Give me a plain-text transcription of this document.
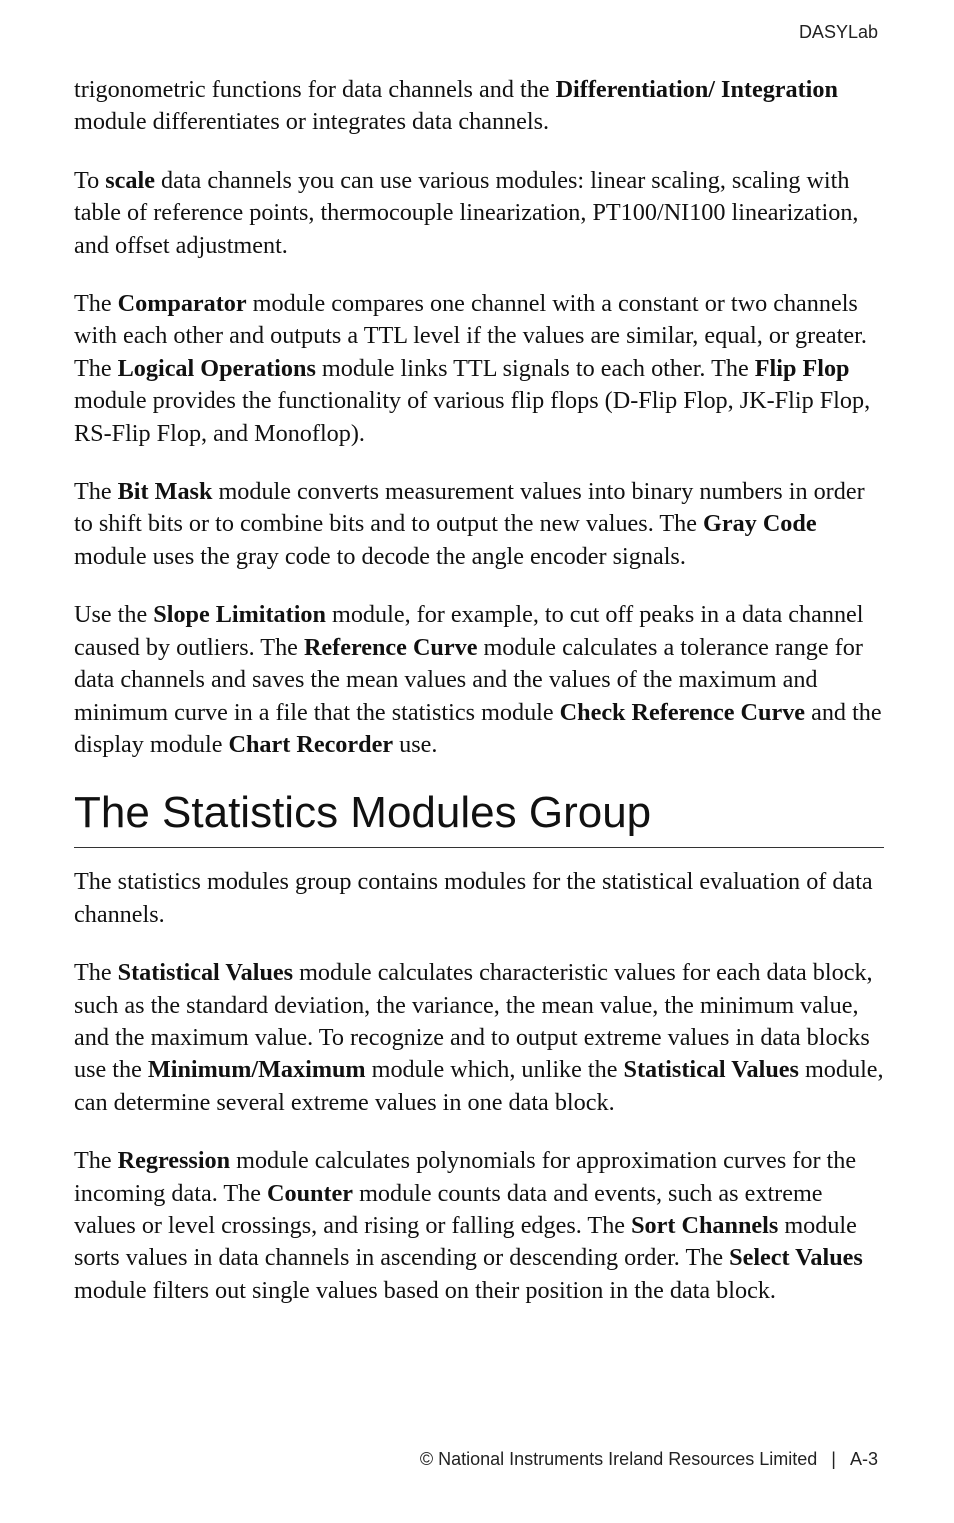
DASYLab

trigonometric functions for data channels and the Differentiation/ Integration module differentiates or integrates data channels.

To scale data channels you can use various modules: linear scaling, scaling with table of reference points, thermocouple linearization, PT100/NI100 linearization, and offset adjustment.

The Comparator module compares one channel with a constant or two channels with each other and outputs a TTL level if the values are similar, equal, or greater. The Logical Operations module links TTL signals to each other. The Flip Flop module provides the functionality of various flip flops (D-Flip Flop, JK-Flip Flop, RS-Flip Flop, and Monoflop).

The Bit Mask module converts measurement values into binary numbers in order to shift bits or to combine bits and to output the new values. The Gray Code module uses the gray code to decode the angle encoder signals.

Use the Slope Limitation module, for example, to cut off peaks in a data channel caused by outliers. The Reference Curve module calculates a tolerance range for data channels and saves the mean values and the values of the maximum and minimum curve in a file that the statistics module Check Reference Curve and the display module Chart Recorder use.

The Statistics Modules Group

The statistics modules group contains modules for the statistical evaluation of data channels.

The Statistical Values module calculates characteristic values for each data block, such as the standard deviation, the variance, the mean value, the minimum value, and the maximum value. To recognize and to output extreme values in data blocks use the Minimum/Maximum module which, unlike the Statistical Values module, can determine several extreme values in one data block.

The Regression module calculates polynomials for approximation curves for the incoming data. The Counter module counts data and events, such as extreme values or level crossings, and rising or falling edges. The Sort Channels module sorts values in data channels in ascending or descending order. The Select Values module filters out single values based on their position in the data block.

© National Instruments Ireland Resources Limited | A-3
